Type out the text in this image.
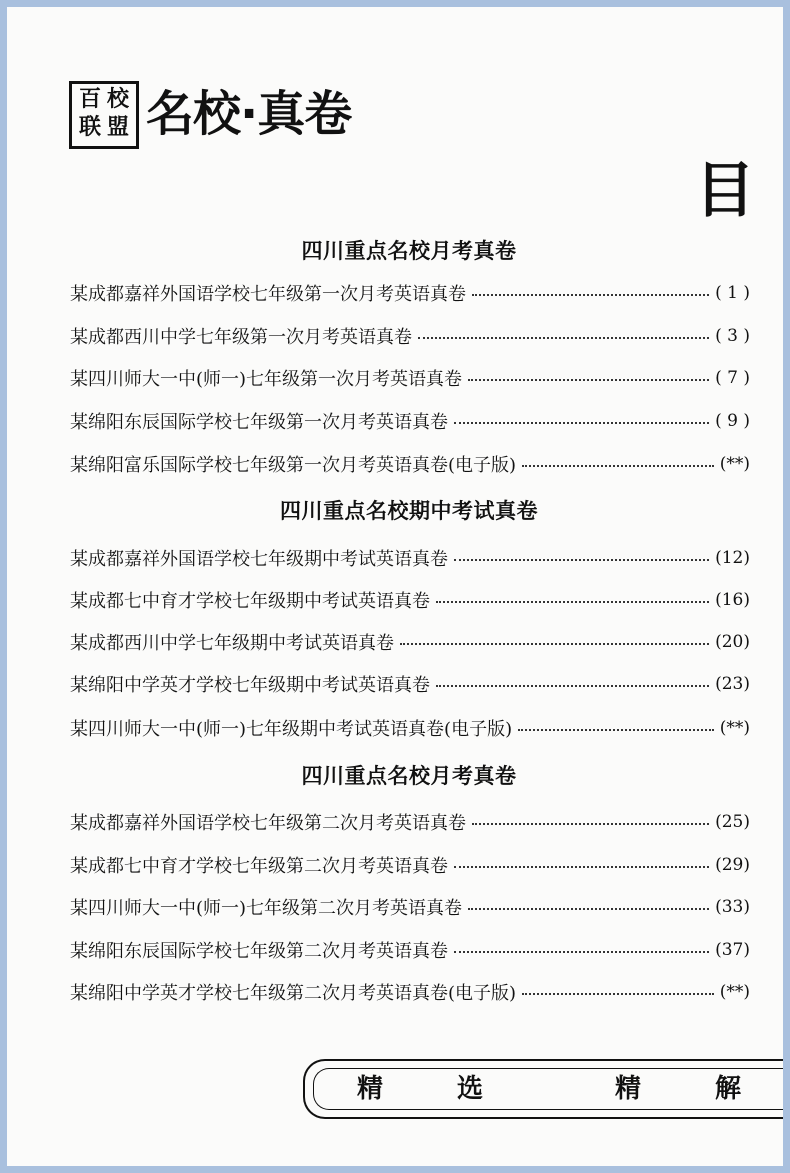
百 校
联 盟 名校·真卷
目
四川重点名校月考真卷
某成都嘉祥外国语学校七年级第一次月考英语真卷	( 1 )
某成都西川中学七年级第一次月考英语真卷	( 3 )
某四川师大一中(师一)七年级第一次月考英语真卷	( 7 )
某绵阳东辰国际学校七年级第一次月考英语真卷	( 9 )
某绵阳富乐国际学校七年级第一次月考英语真卷(电子版)	(**)
四川重点名校期中考试真卷
某成都嘉祥外国语学校七年级期中考试英语真卷	(12)
某成都七中育才学校七年级期中考试英语真卷	(16)
某成都西川中学七年级期中考试英语真卷	(20)
某绵阳中学英才学校七年级期中考试英语真卷	(23)
某四川师大一中(师一)七年级期中考试英语真卷(电子版)	(**)
四川重点名校月考真卷
某成都嘉祥外国语学校七年级第二次月考英语真卷	(25)
某成都七中育才学校七年级第二次月考英语真卷	(29)
某四川师大一中(师一)七年级第二次月考英语真卷	(33)
某绵阳东辰国际学校七年级第二次月考英语真卷	(37)
某绵阳中学英才学校七年级第二次月考英语真卷(电子版)	(**)
精	选	精	解
